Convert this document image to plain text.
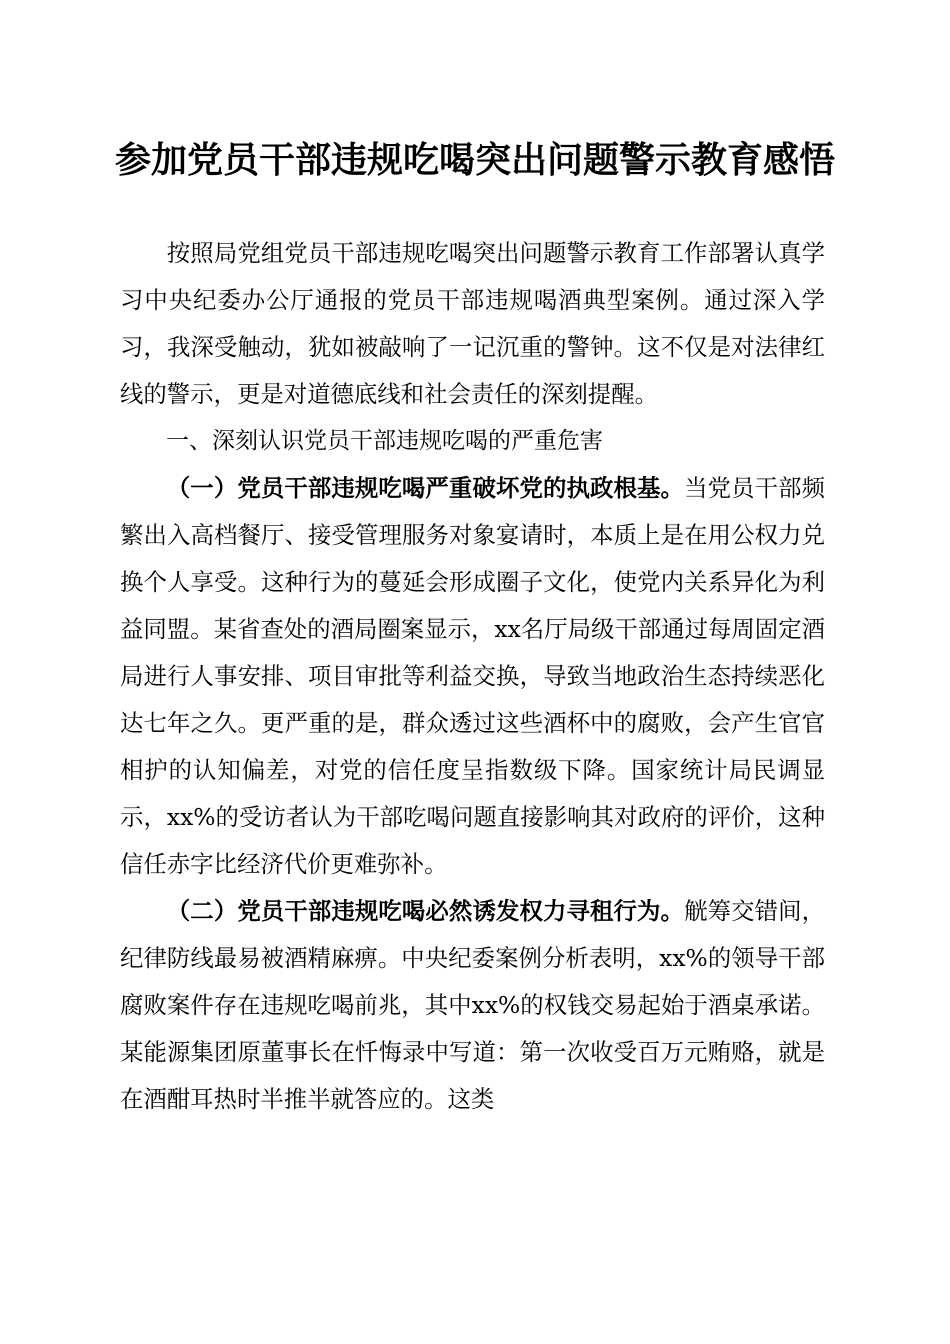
参加党员干部违规吃喝突出问题警示教育感悟

按照局党组党员干部违规吃喝突出问题警示教育工作部署认真学习中央纪委办公厅通报的党员干部违规喝酒典型案例。通过深入学习，我深受触动，犹如被敲响了一记沉重的警钟。这不仅是对法律红线的警示，更是对道德底线和社会责任的深刻提醒。

一、深刻认识党员干部违规吃喝的严重危害

（一）党员干部违规吃喝严重破坏党的执政根基。当党员干部频繁出入高档餐厅、接受管理服务对象宴请时，本质上是在用公权力兑换个人享受。这种行为的蔓延会形成圈子文化，使党内关系异化为利益同盟。某省查处的酒局圈案显示，xx名厅局级干部通过每周固定酒局进行人事安排、项目审批等利益交换，导致当地政治生态持续恶化达七年之久。更严重的是，群众透过这些酒杯中的腐败，会产生官官相护的认知偏差，对党的信任度呈指数级下降。国家统计局民调显示，xx%的受访者认为干部吃喝问题直接影响其对政府的评价，这种信任赤字比经济代价更难弥补。

（二）党员干部违规吃喝必然诱发权力寻租行为。觥筹交错间，纪律防线最易被酒精麻痹。中央纪委案例分析表明，xx%的领导干部腐败案件存在违规吃喝前兆，其中xx%的权钱交易起始于酒桌承诺。某能源集团原董事长在忏悔录中写道：第一次收受百万元贿赂，就是在酒酣耳热时半推半就答应的。这类
